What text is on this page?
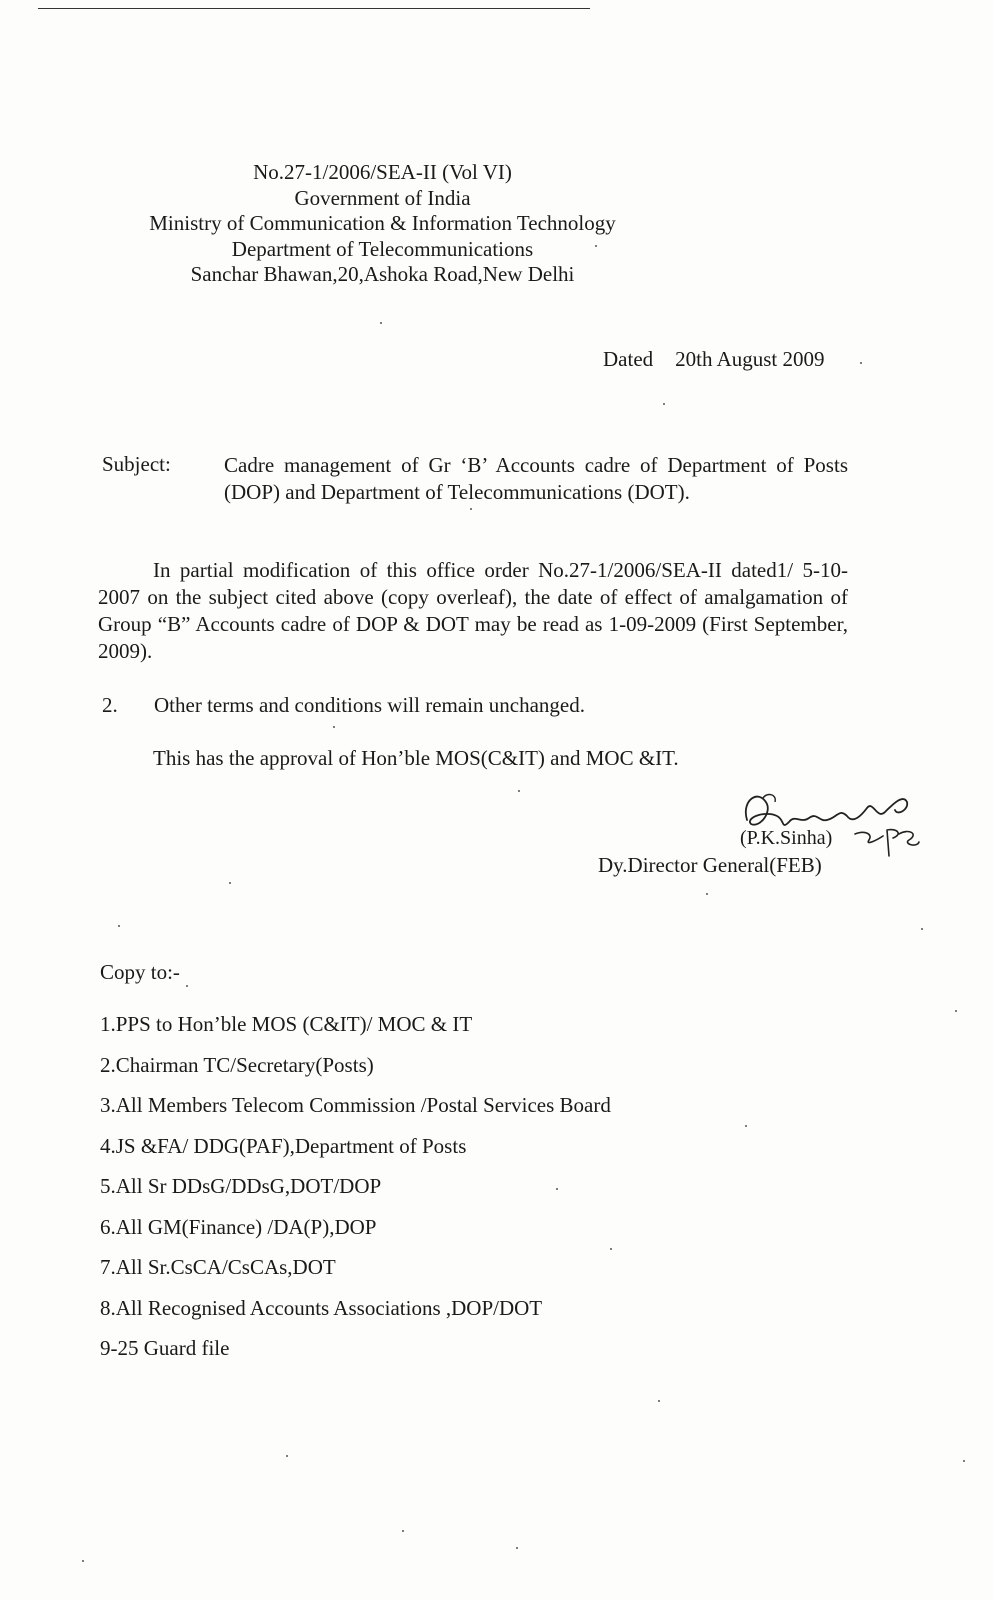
No.27-1/2006/SEA-II (Vol VI)
Government of India
Ministry of Communication & Information Technology
Department of Telecommunications
Sanchar Bhawan,20,Ashoka Road,New Delhi
Dated 20th August 2009
Subject:	Cadre management of Gr ‘B’ Accounts cadre of Department of Posts (DOP) and Department of Telecommunications (DOT).
In partial modification of this office order No.27-1/2006/SEA-II dated1/ 5-10-2007 on the subject cited above (copy overleaf), the date of effect of amalgamation of Group “B” Accounts cadre of DOP & DOT may be read as 1-09-2009 (First September, 2009).
2. Other terms and conditions will remain unchanged.
This has the approval of Hon’ble MOS(C&IT) and MOC &IT.
(P.K.Sinha)
Dy.Director General(FEB)
Copy to:-
1.PPS to Hon’ble MOS (C&IT)/ MOC & IT
2.Chairman TC/Secretary(Posts)
3.All Members Telecom Commission /Postal Services Board
4.JS &FA/ DDG(PAF),Department of Posts
5.All Sr DDsG/DDsG,DOT/DOP
6.All GM(Finance) /DA(P),DOP
7.All Sr.CsCA/CsCAs,DOT
8.All Recognised Accounts Associations ,DOP/DOT
9-25 Guard file
